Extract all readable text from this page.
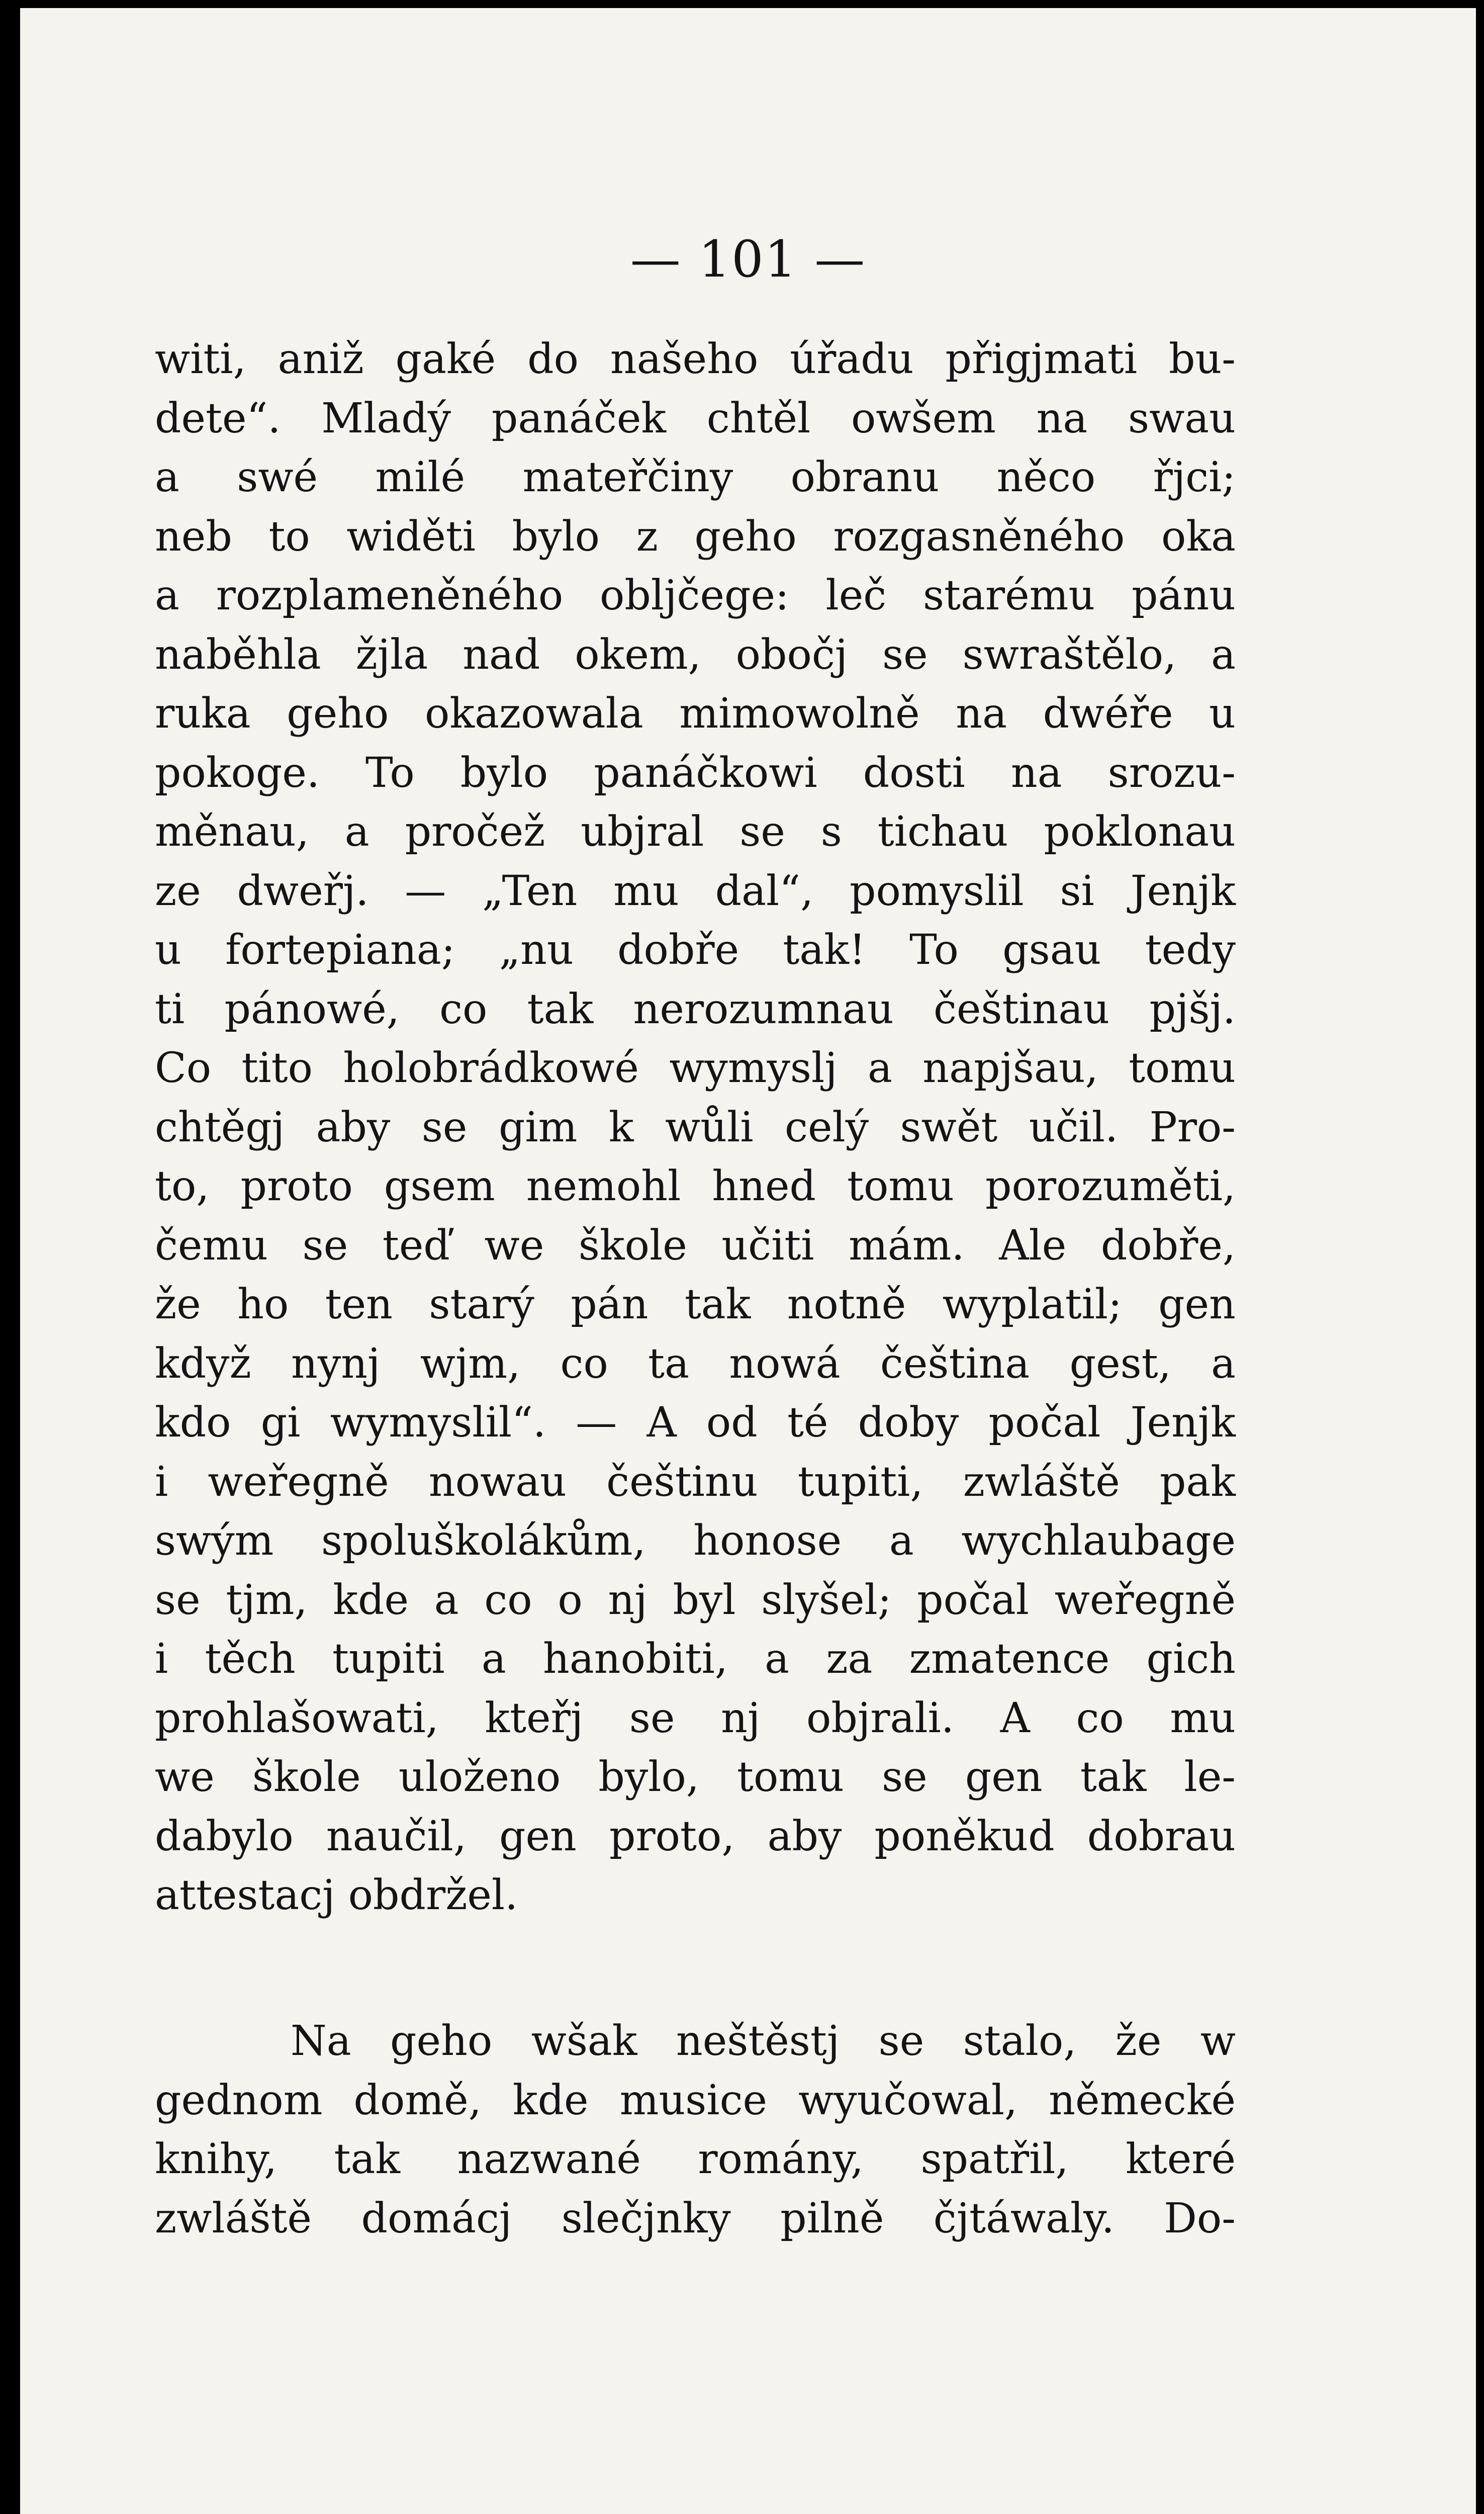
— 101 —
witi, aniž gaké do našeho úřadu přigjmati bu-
dete“. Mladý panáček chtěl owšem na swau
a swé milé mateřčiny obranu něco řjci;
neb to widěti bylo z geho rozgasněného oka
a rozplameněného obljčege: leč starému pánu
naběhla žjla nad okem, obočj se swraštělo, a
ruka geho okazowala mimowolně na dwéře u
pokoge. To bylo panáčkowi dosti na srozu-
měnau, a pročež ubjral se s tichau poklonau
ze dweřj. — „Ten mu dal“, pomyslil si Jenjk
u fortepiana; „nu dobře tak! To gsau tedy
ti pánowé, co tak nerozumnau češtinau pjšj.
Co tito holobrádkowé wymyslj a napjšau, tomu
chtěgj aby se gim k wůli celý swět učil. Pro-
to, proto gsem nemohl hned tomu porozuměti,
čemu se teď we škole učiti mám. Ale dobře,
že ho ten starý pán tak notně wyplatil; gen
když nynj wjm, co ta nowá čeština gest, a
kdo gi wymyslil“. — A od té doby počal Jenjk
i weřegně nowau češtinu tupiti, zwláště pak
swým spoluškolákům, honose a wychlaubage
se tjm, kde a co o nj byl slyšel; počal weřegně
i těch tupiti a hanobiti, a za zmatence gich
prohlašowati, kteřj se nj objrali. A co mu
we škole uloženo bylo, tomu se gen tak le-
dabylo naučil, gen proto, aby poněkud dobrau
attestacj obdržel.
Na geho wšak neštěstj se stalo, že w
gednom domě, kde musice wyučowal, německé
knihy, tak nazwané romány, spatřil, které
zwláště domácj slečjnky pilně čjtáwaly. Do-
